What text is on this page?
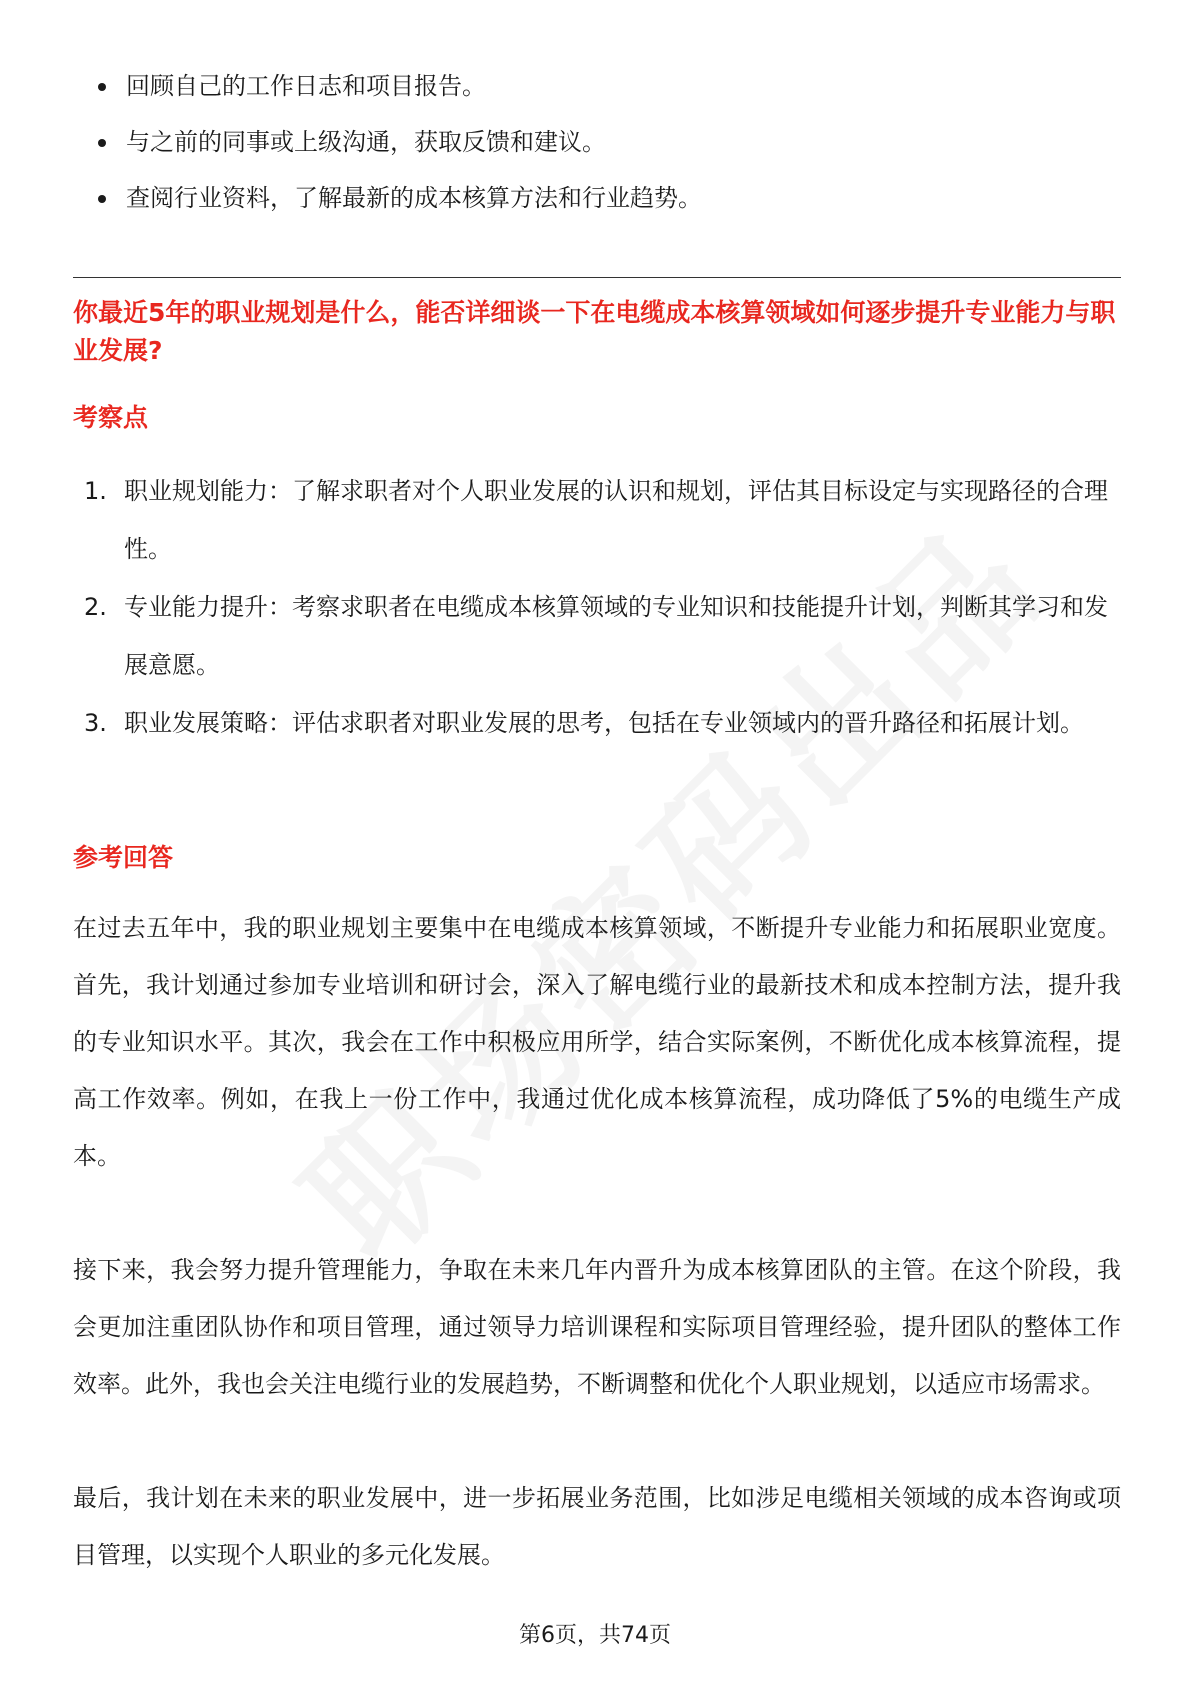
回顾自己的工作日志和项目报告。
与之前的同事或上级沟通，获取反馈和建议。
查阅行业资料，了解最新的成本核算方法和行业趋势。
你最近5年的职业规划是什么，能否详细谈一下在电缆成本核算领域如何逐步提升专业能力与职业发展?
考察点
1. 职业规划能力：了解求职者对个人职业发展的认识和规划，评估其目标设定与实现路径的合理性。
2. 专业能力提升：考察求职者在电缆成本核算领域的专业知识和技能提升计划，判断其学习和发展意愿。
3. 职业发展策略：评估求职者对职业发展的思考，包括在专业领域内的晋升路径和拓展计划。
参考回答
在过去五年中，我的职业规划主要集中在电缆成本核算领域，不断提升专业能力和拓展职业宽度。首先，我计划通过参加专业培训和研讨会，深入了解电缆行业的最新技术和成本控制方法，提升我的专业知识水平。其次，我会在工作中积极应用所学，结合实际案例，不断优化成本核算流程，提高工作效率。例如，在我上一份工作中，我通过优化成本核算流程，成功降低了5%的电缆生产成本。
接下来，我会努力提升管理能力，争取在未来几年内晋升为成本核算团队的主管。在这个阶段，我会更加注重团队协作和项目管理，通过领导力培训课程和实际项目管理经验，提升团队的整体工作效率。此外，我也会关注电缆行业的发展趋势，不断调整和优化个人职业规划，以适应市场需求。
最后，我计划在未来的职业发展中，进一步拓展业务范围，比如涉足电缆相关领域的成本咨询或项目管理，以实现个人职业的多元化发展。
第6页，共74页
